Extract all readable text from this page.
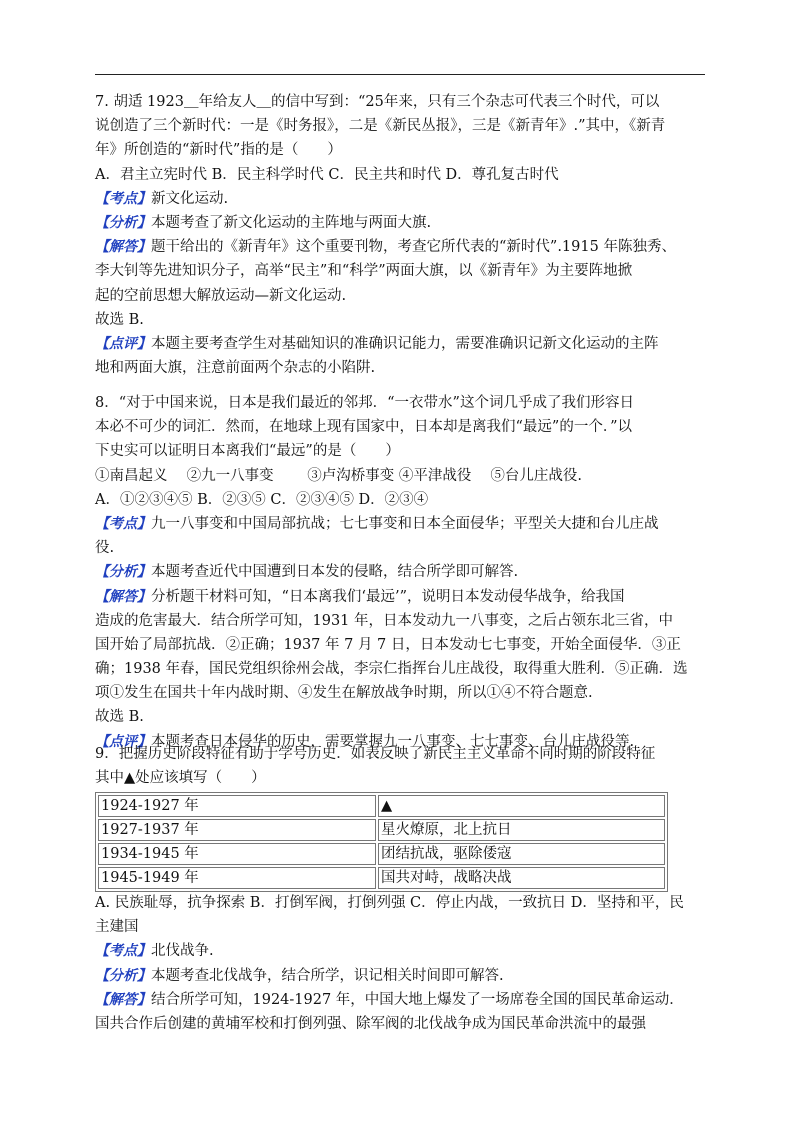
7. 胡适 1923＿年给友人＿的信中写到：“25年来，只有三个杂志可代表三个时代，可以
说创造了三个新时代：一是《时务报》，二是《新民丛报》，三是《新青年》.”其中，《新青
年》所创造的“新时代”指的是（　　）
A．君主立宪时代 B．民主科学时代 C．民主共和时代 D．尊孔复古时代
【考点】新文化运动.
【分析】本题考查了新文化运动的主阵地与两面大旗.
【解答】题干给出的《新青年》这个重要刊物，考查它所代表的“新时代”.1915 年陈独秀、
李大钊等先进知识分子，高举“民主”和“科学”两面大旗，以《新青年》为主要阵地掀
起的空前思想大解放运动—新文化运动.
故选 B.
【点评】本题主要考查学生对基础知识的准确识记能力，需要准确识记新文化运动的主阵
地和两面大旗，注意前面两个杂志的小陷阱.
8．“对于中国来说，日本是我们最近的邻邦．“一衣带水”这个词几乎成了我们形容日
本必不可少的词汇．然而，在地球上现有国家中，日本却是离我们“最远”的一个．”以
下史实可以证明日本离我们“最远”的是（　　）
①南昌起义　 ②九一八事变　　 ③卢沟桥事变 ④平津战役　 ⑤台儿庄战役.
A．①②③④⑤ B．②③⑤ C．②③④⑤ D．②③④
【考点】九一八事变和中国局部抗战；七七事变和日本全面侵华；平型关大捷和台儿庄战
役.
【分析】本题考查近代中国遭到日本发的侵略，结合所学即可解答.
【解答】分析题干材料可知，“日本离我们‘最远’”，说明日本发动侵华战争，给我国
造成的危害最大．结合所学可知，1931 年，日本发动九一八事变，之后占领东北三省，中
国开始了局部抗战．②正确；1937 年 7 月 7 日，日本发动七七事变，开始全面侵华．③正
确；1938 年春，国民党组织徐州会战，李宗仁指挥台儿庄战役，取得重大胜利．⑤正确．选
项①发生在国共十年内战时期、④发生在解放战争时期，所以①④不符合题意.
故选 B.
【点评】本题考查日本侵华的历史，需要掌握九一八事变、七七事变、台儿庄战役等.
9．把握历史阶段特征有助于学号历史．如表反映了新民主主义革命不同时期的阶段特征
其中▲处应该填写（　　）
1924-1927 年	▲
1927-1937 年	星火燎原，北上抗日
1934-1945 年	团结抗战，驱除倭寇
1945-1949 年	国共对峙，战略决战
A. 民族耻辱，抗争探索 B．打倒军阀，打倒列强 C．停止内战，一致抗日 D．坚持和平，民
主建国
【考点】北伐战争.
【分析】本题考查北伐战争，结合所学，识记相关时间即可解答.
【解答】结合所学可知，1924-1927 年，中国大地上爆发了一场席卷全国的国民革命运动．
国共合作后创建的黄埔军校和打倒列强、除军阀的北伐战争成为国民革命洪流中的最强
